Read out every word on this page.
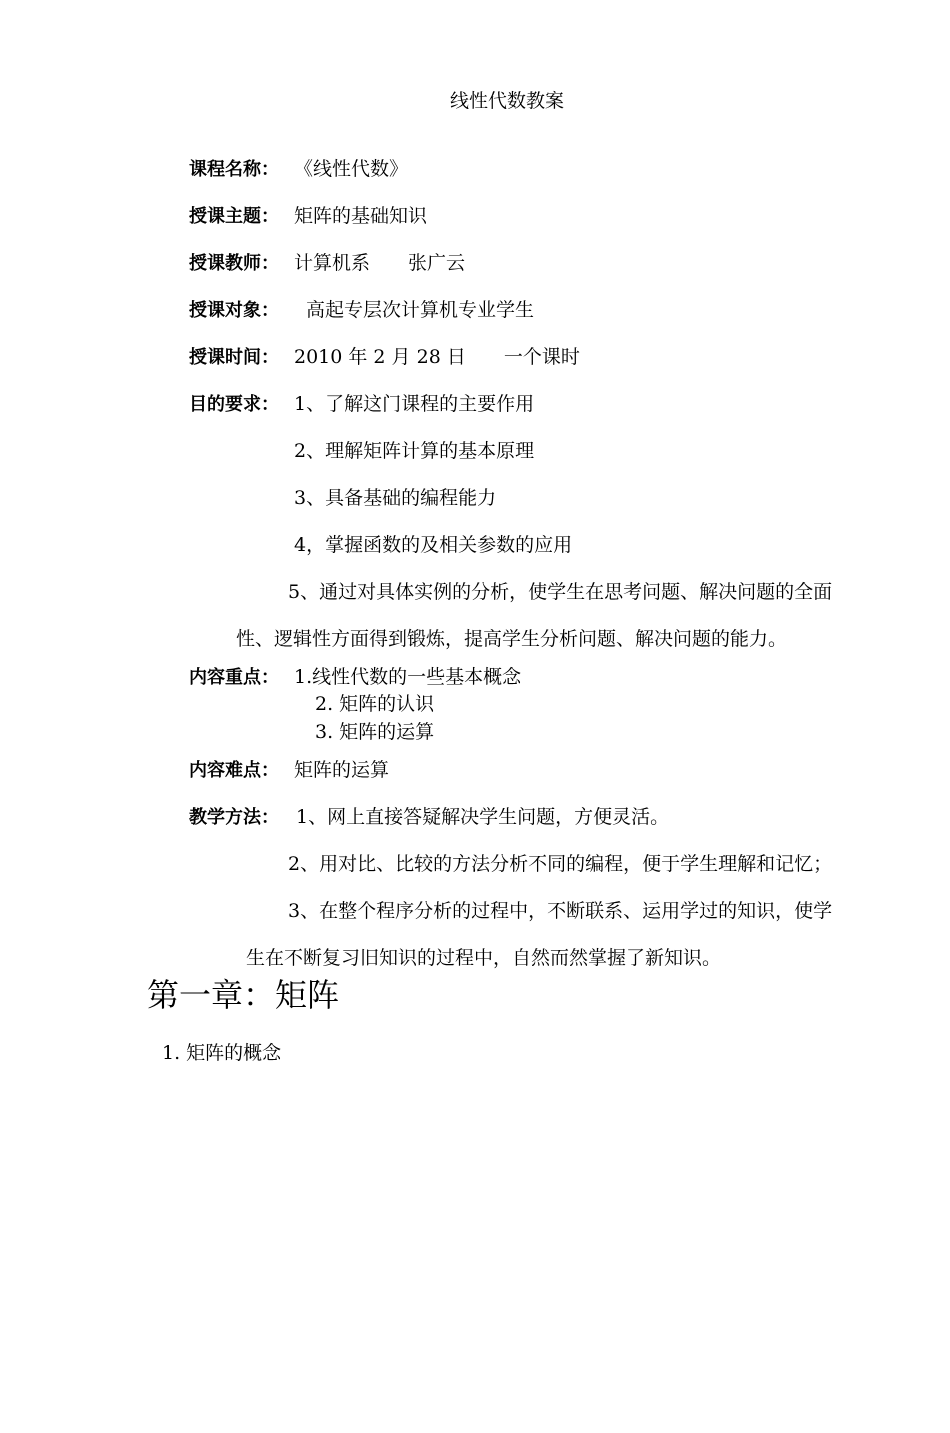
线性代数教案
课程名称： 《线性代数》
授课主题： 矩阵的基础知识
授课教师： 计算机系　　张广云
授课对象： 　高起专层次计算机专业学生
授课时间： 2010 年 2 月 28 日　　一个课时
目的要求： 1、了解这门课程的主要作用
2、理解矩阵计算的基本原理
3、具备基础的编程能力
4，掌握函数的及相关参数的应用
5、通过对具体实例的分析，使学生在思考问题、解决问题的全面
性、逻辑性方面得到锻炼，提高学生分析问题、解决问题的能力。
内容重点： 1.线性代数的一些基本概念
2. 矩阵的认识
3. 矩阵的运算
内容难点： 矩阵的运算
教学方法： 1、网上直接答疑解决学生问题，方便灵活。
2、用对比、比较的方法分析不同的编程，便于学生理解和记忆；
3、在整个程序分析的过程中，不断联系、运用学过的知识，使学
生在不断复习旧知识的过程中，自然而然掌握了新知识。
第一章：矩阵
1. 矩阵的概念
